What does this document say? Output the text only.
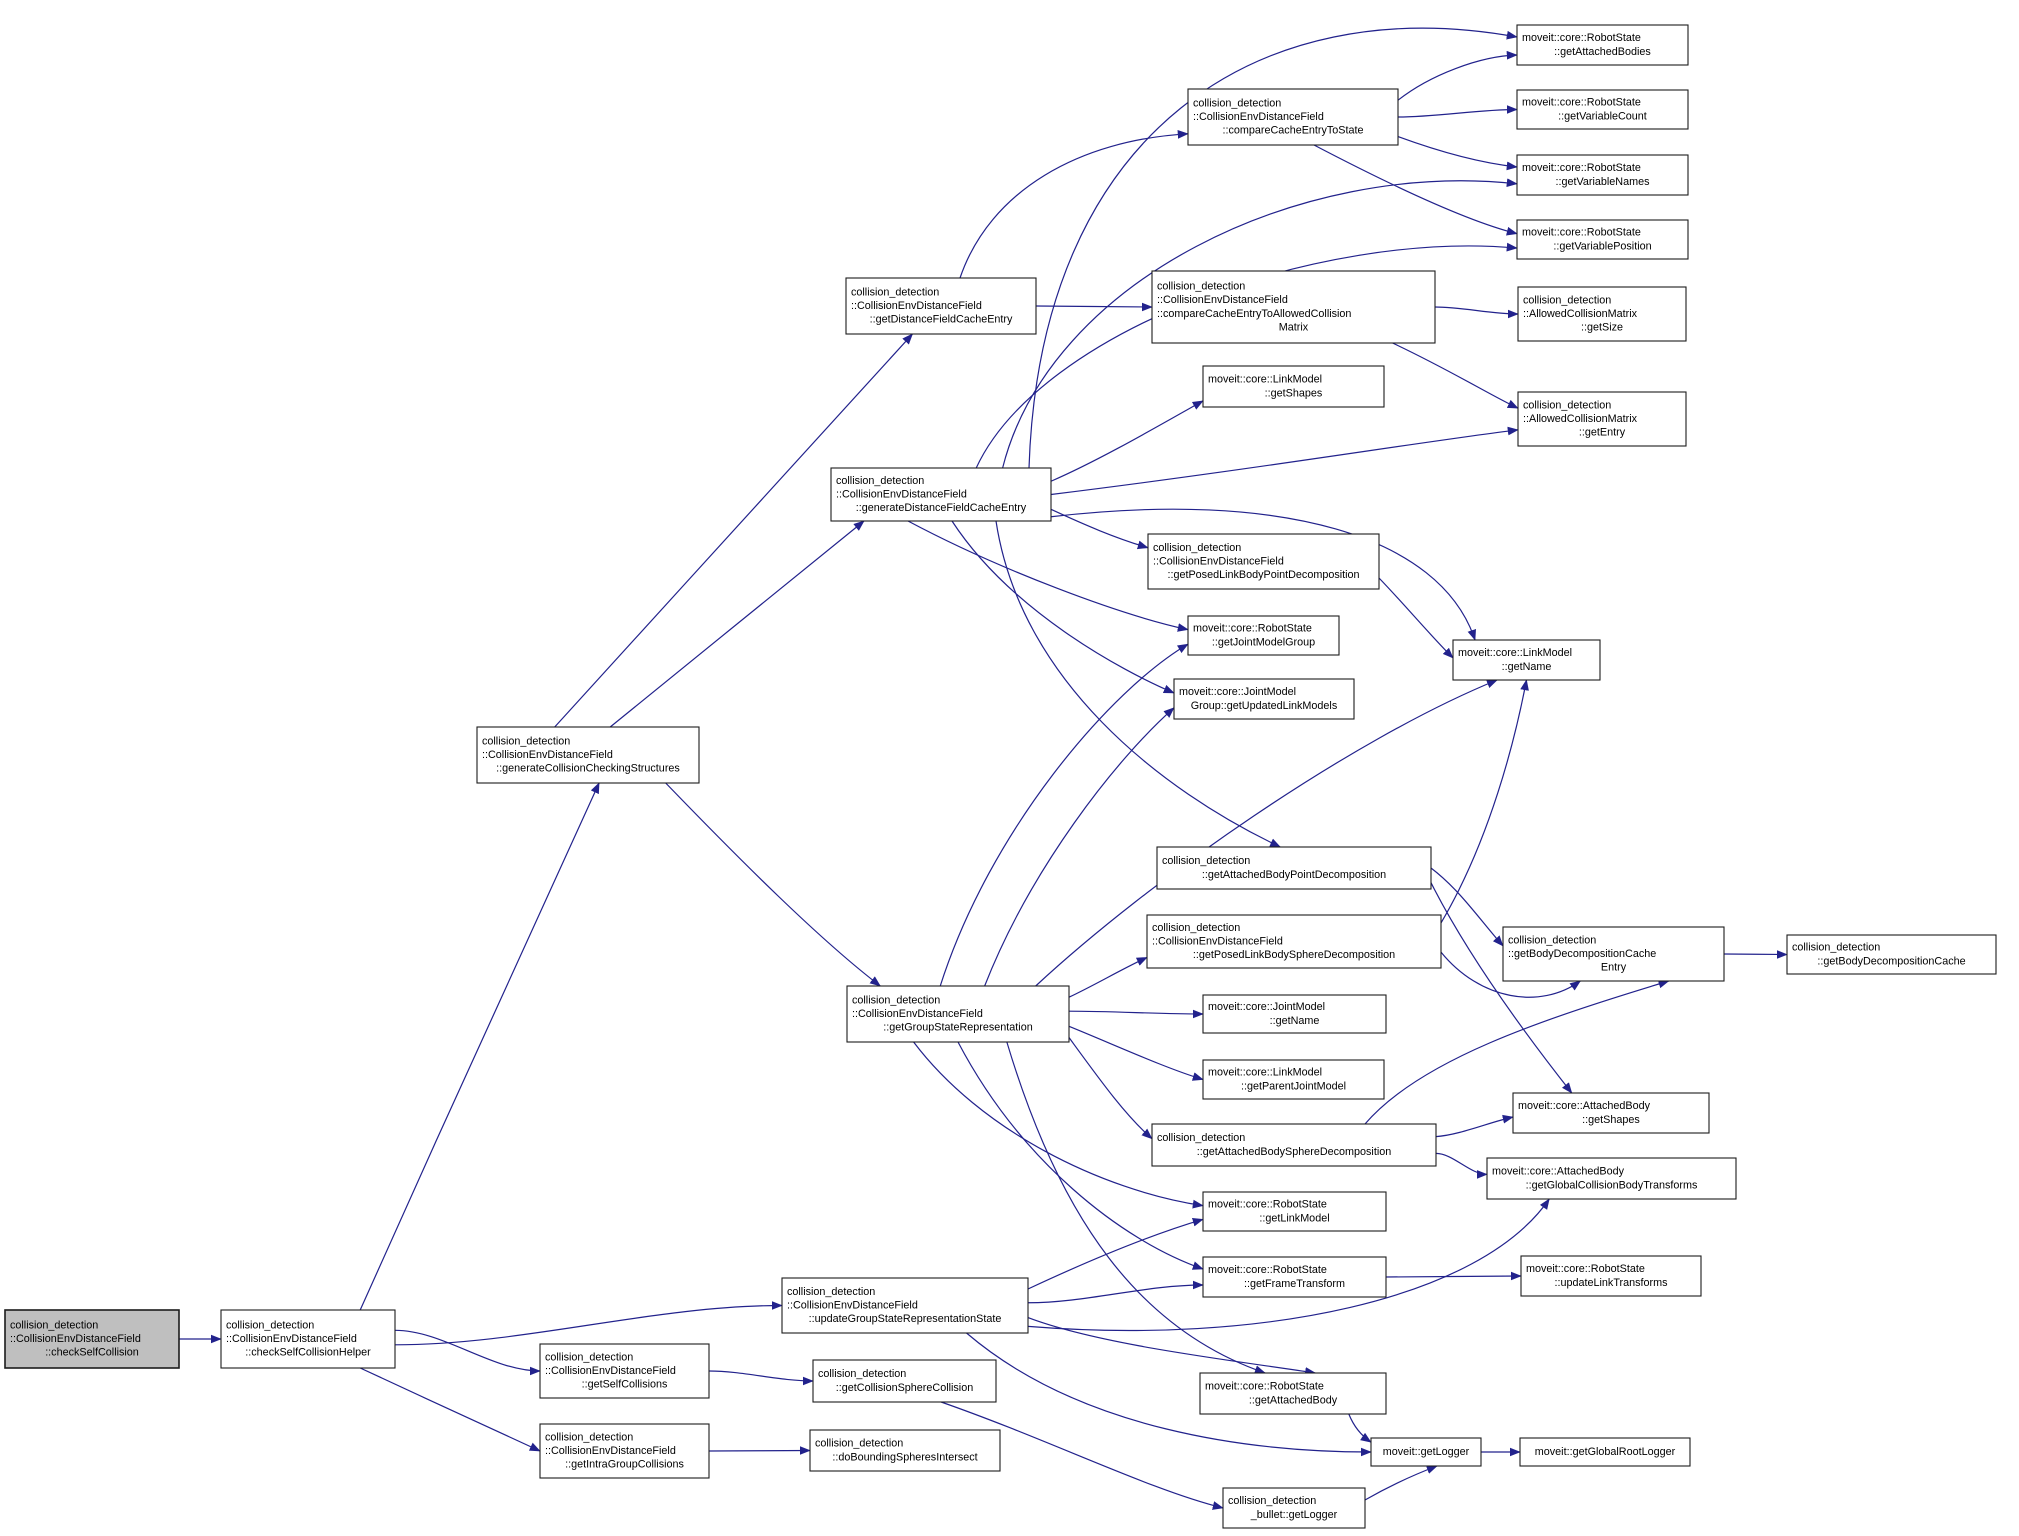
collision_detection
::CollisionEnvDistanceField
::checkSelfCollision
collision_detection
::CollisionEnvDistanceField
::checkSelfCollisionHelper
collision_detection
::CollisionEnvDistanceField
::generateCollisionCheckingStructures
collision_detection
::CollisionEnvDistanceField
::getDistanceFieldCacheEntry
collision_detection
::CollisionEnvDistanceField
::compareCacheEntryToState
collision_detection
::CollisionEnvDistanceField
::compareCacheEntryToAllowedCollision
Matrix
collision_detection
::CollisionEnvDistanceField
::generateDistanceFieldCacheEntry
moveit::core::LinkModel
::getShapes
moveit::core::RobotState
::getAttachedBodies
moveit::core::RobotState
::getVariableCount
moveit::core::RobotState
::getVariableNames
moveit::core::RobotState
::getVariablePosition
collision_detection
::AllowedCollisionMatrix
::getSize
collision_detection
::AllowedCollisionMatrix
::getEntry
collision_detection
::CollisionEnvDistanceField
::getPosedLinkBodyPointDecomposition
moveit::core::RobotState
::getJointModelGroup
moveit::core::JointModel
Group::getUpdatedLinkModels
moveit::core::LinkModel
::getName
collision_detection
::getAttachedBodyPointDecomposition
collision_detection
::CollisionEnvDistanceField
::getPosedLinkBodySphereDecomposition
moveit::core::JointModel
::getName
moveit::core::LinkModel
::getParentJointModel
collision_detection
::CollisionEnvDistanceField
::getGroupStateRepresentation
collision_detection
::getBodyDecompositionCache
Entry
collision_detection
::getBodyDecompositionCache
collision_detection
::getAttachedBodySphereDecomposition
moveit::core::RobotState
::getLinkModel
moveit::core::RobotState
::getFrameTransform
moveit::core::AttachedBody
::getShapes
moveit::core::AttachedBody
::getGlobalCollisionBodyTransforms
moveit::core::RobotState
::updateLinkTransforms
collision_detection
::CollisionEnvDistanceField
::updateGroupStateRepresentationState
collision_detection
::CollisionEnvDistanceField
::getSelfCollisions
collision_detection
::getCollisionSphereCollision
collision_detection
::CollisionEnvDistanceField
::getIntraGroupCollisions
collision_detection
::doBoundingSpheresIntersect
moveit::core::RobotState
::getAttachedBody
moveit::getLogger	moveit::getGlobalRootLogger
collision_detection
_bullet::getLogger
